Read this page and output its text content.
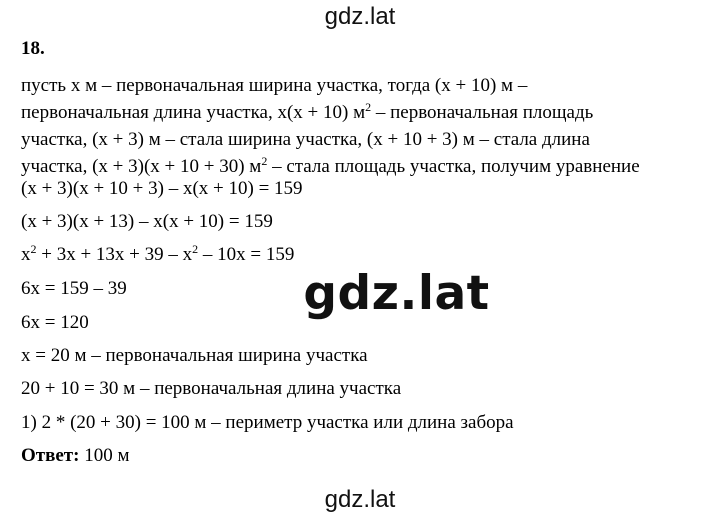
gdz.lat
18.
пусть х м – первоначальная ширина участка, тогда (х + 10) м –
первоначальная длина участка, х(х + 10) $м^2$ – первоначальная площадь
участка, (х + 3) м – стала ширина участка, (х + 10 + 3) м – стала длина
участка, (х + 3)(х + 10 + 30) $м^2$ – стала площадь участка, получим уравнение
(х + 3)(х + 10 + 3) – х(х + 10) = 159
(х + 3)(х + 13) – х(х + 10) = 159
$х^2 + 3х + 13х + 39 - х^2 - 10х = 159$
6х = 159 – 39
6х = 120
х = 20 м – первоначальная ширина участка
20 + 10 = 30 м – первоначальная длина участка
1) 2 * (20 + 30) = 100 м – периметр участка или длина забора
Ответ: 100 м
gdz.lat
gdz.lat
